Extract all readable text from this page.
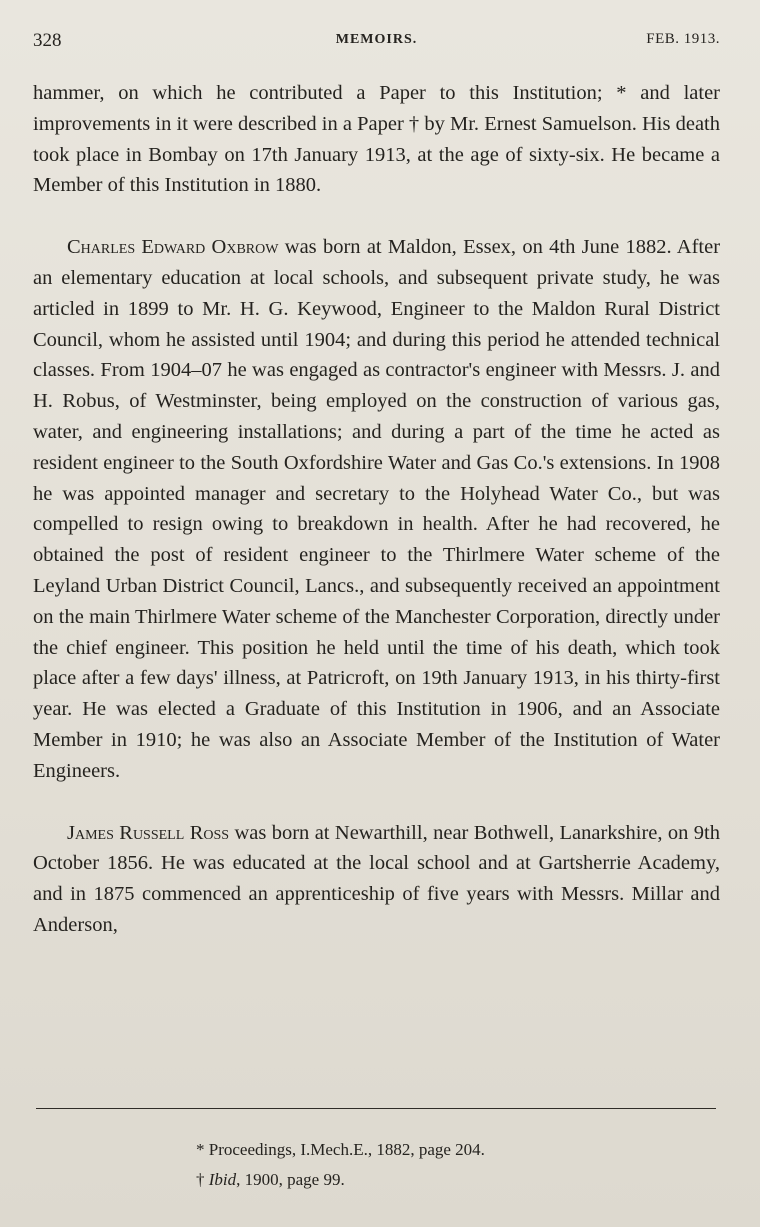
328	MEMOIRS.	FEB. 1913.

hammer, on which he contributed a Paper to this Institution; * and later improvements in it were described in a Paper † by Mr. Ernest Samuelson. His death took place in Bombay on 17th January 1913, at the age of sixty-six. He became a Member of this Institution in 1880.

Charles Edward Oxbrow was born at Maldon, Essex, on 4th June 1882. After an elementary education at local schools, and subsequent private study, he was articled in 1899 to Mr. H. G. Keywood, Engineer to the Maldon Rural District Council, whom he assisted until 1904; and during this period he attended technical classes. From 1904–07 he was engaged as contractor's engineer with Messrs. J. and H. Robus, of Westminster, being employed on the construction of various gas, water, and engineering installations; and during a part of the time he acted as resident engineer to the South Oxfordshire Water and Gas Co.'s extensions. In 1908 he was appointed manager and secretary to the Holyhead Water Co., but was compelled to resign owing to breakdown in health. After he had recovered, he obtained the post of resident engineer to the Thirlmere Water scheme of the Leyland Urban District Council, Lancs., and subsequently received an appointment on the main Thirlmere Water scheme of the Manchester Corporation, directly under the chief engineer. This position he held until the time of his death, which took place after a few days' illness, at Patricroft, on 19th January 1913, in his thirty-first year. He was elected a Graduate of this Institution in 1906, and an Associate Member in 1910; he was also an Associate Member of the Institution of Water Engineers.

James Russell Ross was born at Newarthill, near Bothwell, Lanarkshire, on 9th October 1856. He was educated at the local school and at Gartsherrie Academy, and in 1875 commenced an apprenticeship of five years with Messrs. Millar and Anderson,

* Proceedings, I.Mech.E., 1882, page 204.

† Ibid, 1900, page 99.
